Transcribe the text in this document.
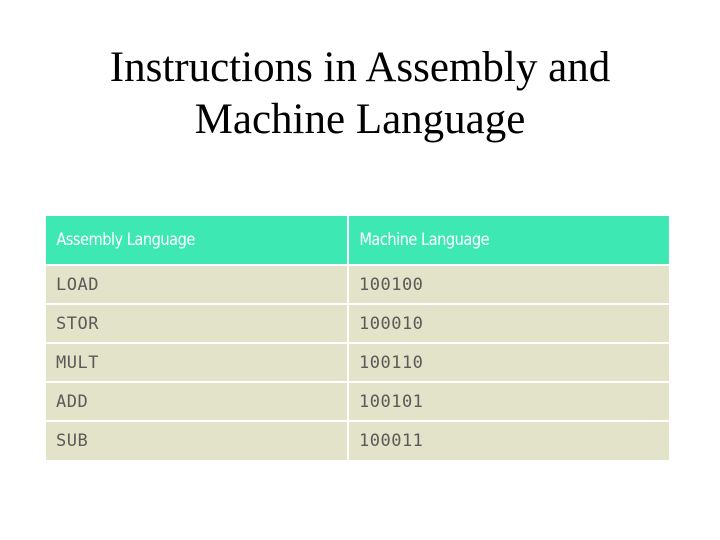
Instructions in Assembly and
Machine Language
Assembly Language	Machine Language
LOAD	100100
STOR	100010
MULT	100110
ADD	100101
SUB	100011
